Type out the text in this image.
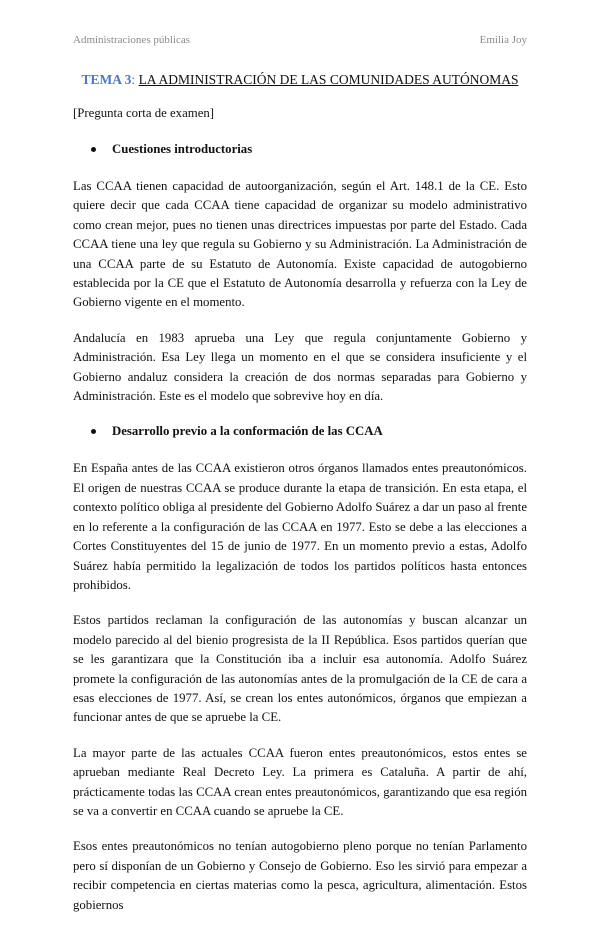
Administraciones públicas	Emilia Joy
TEMA 3: LA ADMINISTRACIÓN DE LAS COMUNIDADES AUTÓNOMAS

[Pregunta corta de examen]

Cuestiones introductorias

Las CCAA tienen capacidad de autoorganización, según el Art. 148.1 de la CE. Esto quiere decir que cada CCAA tiene capacidad de organizar su modelo administrativo como crean mejor, pues no tienen unas directrices impuestas por parte del Estado. Cada CCAA tiene una ley que regula su Gobierno y su Administración. La Administración de una CCAA parte de su Estatuto de Autonomía. Existe capacidad de autogobierno establecida por la CE que el Estatuto de Autonomía desarrolla y refuerza con la Ley de Gobierno vigente en el momento.

Andalucía en 1983 aprueba una Ley que regula conjuntamente Gobierno y Administración. Esa Ley llega un momento en el que se considera insuficiente y el Gobierno andaluz considera la creación de dos normas separadas para Gobierno y Administración. Este es el modelo que sobrevive hoy en día.

Desarrollo previo a la conformación de las CCAA

En España antes de las CCAA existieron otros órganos llamados entes preautonómicos. El origen de nuestras CCAA se produce durante la etapa de transición. En esta etapa, el contexto político obliga al presidente del Gobierno Adolfo Suárez a dar un paso al frente en lo referente a la configuración de las CCAA en 1977. Esto se debe a las elecciones a Cortes Constituyentes del 15 de junio de 1977. En un momento previo a estas, Adolfo Suárez había permitido la legalización de todos los partidos políticos hasta entonces prohibidos.

Estos partidos reclaman la configuración de las autonomías y buscan alcanzar un modelo parecido al del bienio progresista de la II República. Esos partidos querían que se les garantizara que la Constitución iba a incluir esa autonomía. Adolfo Suárez promete la configuración de las autonomías antes de la promulgación de la CE de cara a esas elecciones de 1977. Así, se crean los entes autonómicos, órganos que empiezan a funcionar antes de que se apruebe la CE.

La mayor parte de las actuales CCAA fueron entes preautonómicos, estos entes se aprueban mediante Real Decreto Ley. La primera es Cataluña. A partir de ahí, prácticamente todas las CCAA crean entes preautonómicos, garantizando que esa región se va a convertir en CCAA cuando se apruebe la CE.

Esos entes preautonómicos no tenían autogobierno pleno porque no tenían Parlamento pero sí disponían de un Gobierno y Consejo de Gobierno. Eso les sirvió para empezar a recibir competencia en ciertas materias como la pesca, agricultura, alimentación. Estos gobiernos
